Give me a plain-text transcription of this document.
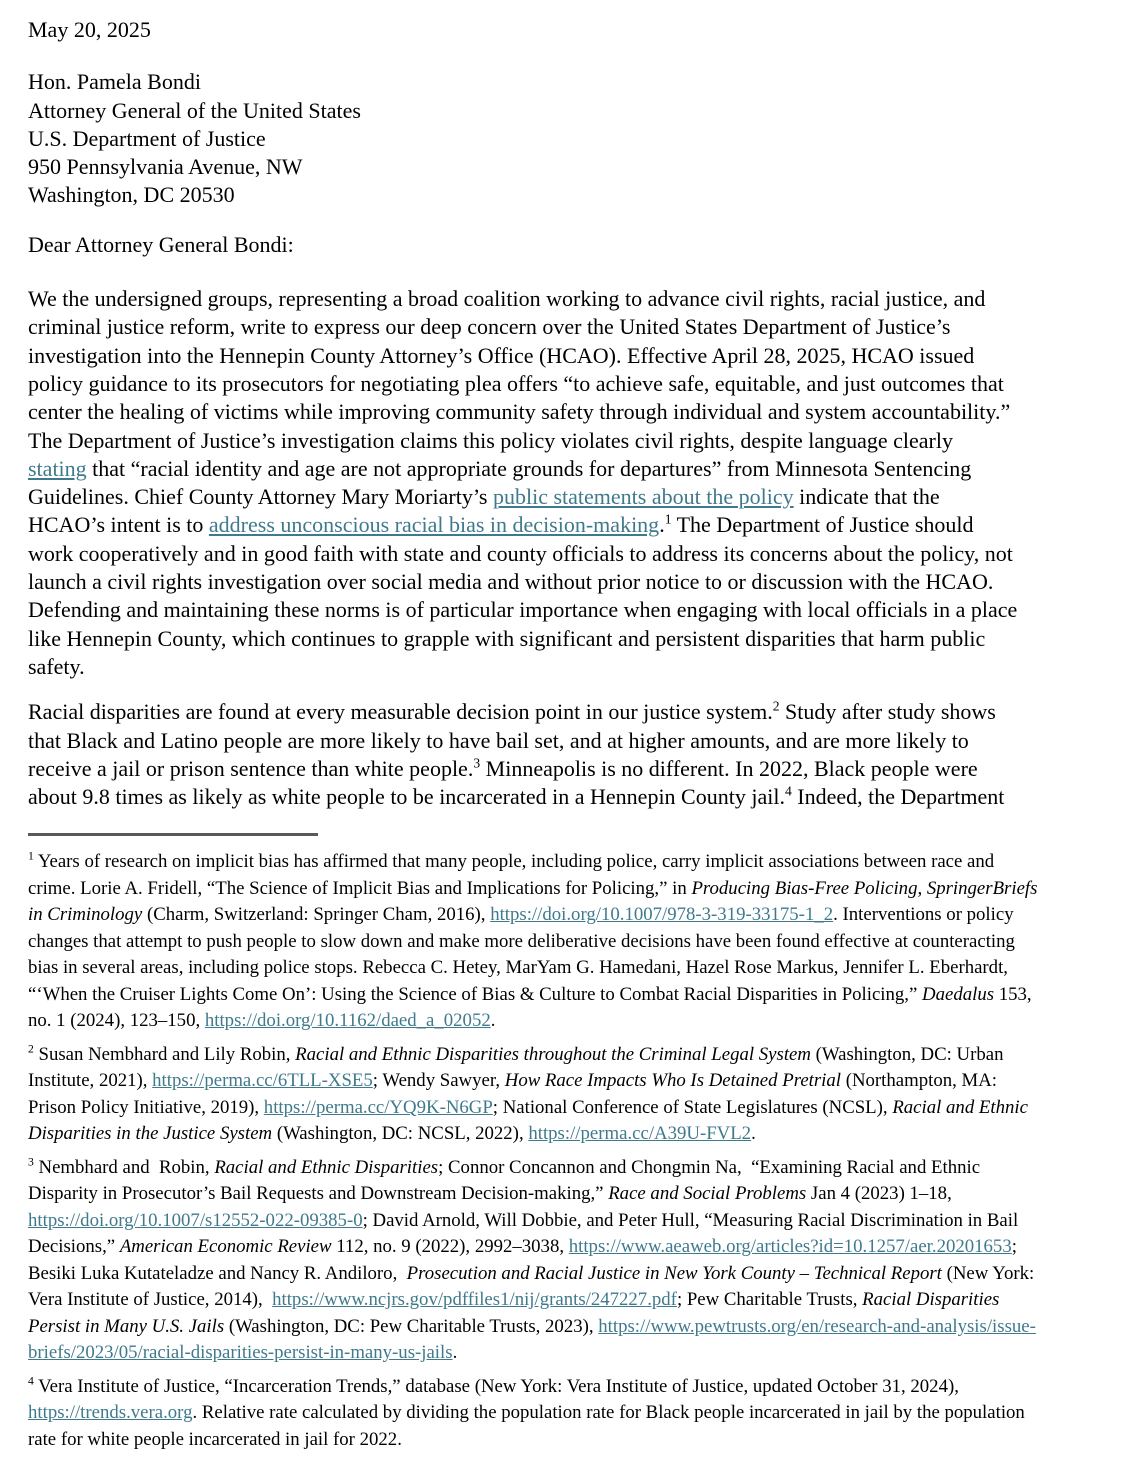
May 20, 2025

Hon. Pamela Bondi

Attorney General of the United States

U.S. Department of Justice

950 Pennsylvania Avenue, NW

Washington, DC 20530

Dear Attorney General Bondi:

We the undersigned groups, representing a broad coalition working to advance civil rights, racial justice, and
criminal justice reform, write to express our deep concern over the United States Department of Justice’s
investigation into the Hennepin County Attorney’s Office (HCAO). Effective April 28, 2025, HCAO issued
policy guidance to its prosecutors for negotiating plea offers “to achieve safe, equitable, and just outcomes that
center the healing of victims while improving community safety through individual and system accountability.”
The Department of Justice’s investigation claims this policy violates civil rights, despite language clearly
stating that “racial identity and age are not appropriate grounds for departures” from Minnesota Sentencing
Guidelines. Chief County Attorney Mary Moriarty’s public statements about the policy indicate that the
HCAO’s intent is to address unconscious racial bias in decision-making.$^1$ The Department of Justice should
work cooperatively and in good faith with state and county officials to address its concerns about the policy, not
launch a civil rights investigation over social media and without prior notice to or discussion with the HCAO.
Defending and maintaining these norms is of particular importance when engaging with local officials in a place
like Hennepin County, which continues to grapple with significant and persistent disparities that harm public
safety.
Racial disparities are found at every measurable decision point in our justice system.$^2$ Study after study shows
that Black and Latino people are more likely to have bail set, and at higher amounts, and are more likely to
receive a jail or prison sentence than white people.$^3$ Minneapolis is no different. In 2022, Black people were
about 9.8 times as likely as white people to be incarcerated in a Hennepin County jail.$^4$ Indeed, the Department
$^1$ Years of research on implicit bias has affirmed that many people, including police, carry implicit associations between race and
crime. Lorie A. Fridell, “The Science of Implicit Bias and Implications for Policing,” in Producing Bias-Free Policing, SpringerBriefs
in Criminology (Charm, Switzerland: Springer Cham, 2016), https://doi.org/10.1007/978-3-319-33175-1_2. Interventions or policy
changes that attempt to push people to slow down and make more deliberative decisions have been found effective at counteracting
bias in several areas, including police stops. Rebecca C. Hetey, MarYam G. Hamedani, Hazel Rose Markus, Jennifer L. Eberhardt,
“‘When the Cruiser Lights Come On’: Using the Science of Bias & Culture to Combat Racial Disparities in Policing,” Daedalus 153,
no. 1 (2024), 123–150, https://doi.org/10.1162/daed_a_02052.
$^2$ Susan Nembhard and Lily Robin, Racial and Ethnic Disparities throughout the Criminal Legal System (Washington, DC: Urban
Institute, 2021), https://perma.cc/6TLL-XSE5; Wendy Sawyer, How Race Impacts Who Is Detained Pretrial (Northampton, MA:
Prison Policy Initiative, 2019), https://perma.cc/YQ9K-N6GP; National Conference of State Legislatures (NCSL), Racial and Ethnic
Disparities in the Justice System (Washington, DC: NCSL, 2022), https://perma.cc/A39U-FVL2.
$^3$ Nembhard and  Robin, Racial and Ethnic Disparities; Connor Concannon and Chongmin Na,  “Examining Racial and Ethnic
Disparity in Prosecutor’s Bail Requests and Downstream Decision-making,” Race and Social Problems Jan 4 (2023) 1–18,
https://doi.org/10.1007/s12552-022-09385-0; David Arnold, Will Dobbie, and Peter Hull, “Measuring Racial Discrimination in Bail
Decisions,” American Economic Review 112, no. 9 (2022), 2992–3038, https://www.aeaweb.org/articles?id=10.1257/aer.20201653;
Besiki Luka Kutateladze and Nancy R. Andiloro,  Prosecution and Racial Justice in New York County – Technical Report (New York:
Vera Institute of Justice, 2014),  https://www.ncjrs.gov/pdffiles1/nij/grants/247227.pdf; Pew Charitable Trusts, Racial Disparities
Persist in Many U.S. Jails (Washington, DC: Pew Charitable Trusts, 2023), https://www.pewtrusts.org/en/research-and-analysis/issue-
briefs/2023/05/racial-disparities-persist-in-many-us-jails.
$^4$ Vera Institute of Justice, “Incarceration Trends,” database (New York: Vera Institute of Justice, updated October 31, 2024),
https://trends.vera.org. Relative rate calculated by dividing the population rate for Black people incarcerated in jail by the population
rate for white people incarcerated in jail for 2022.
